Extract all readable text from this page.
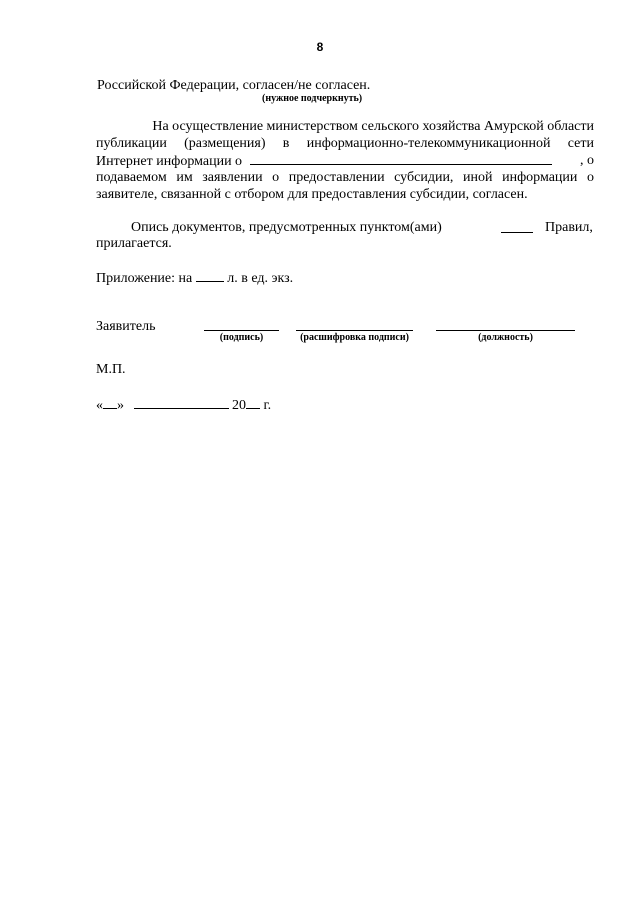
8
Российской Федерации, согласен/не согласен.
(нужное подчеркнуть)
На осуществление министерством сельского хозяйства Амурской области
публикации (размещения) в информационно-телекоммуникационной сети
Интернет информации о	, о
подаваемом им заявлении о предоставлении субсидии, иной информации о
заявителе, связанной с отбором для предоставления субсидии, согласен.
Опись документов, предусмотренных пунктом(ами)	Правил,
прилагается.
Приложение: на	л. в ед. экз.
Заявитель
(подпись)	(расшифровка подписи)	(должность)
М.П.
« »	20 г.
